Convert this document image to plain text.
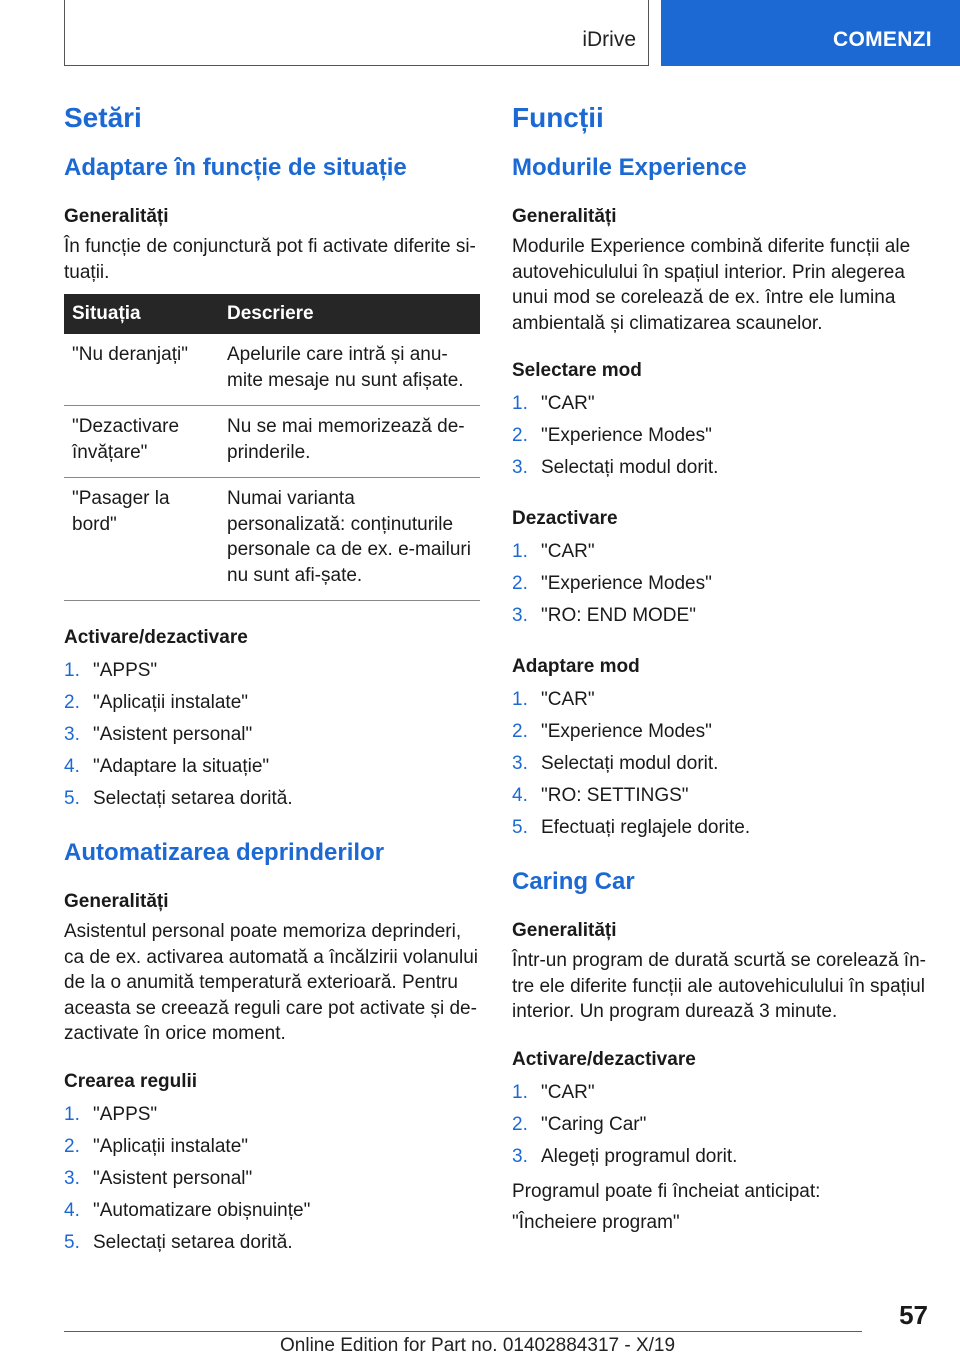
iDrive	COMENZI
Setări
Adaptare în funcție de situație
Generalități
În funcție de conjunctură pot fi activate diferite si-tuații.
Situația	Descriere
"Nu deranjați"	Apelurile care intră și anu-mite mesaje nu sunt afișate.
"Dezactivare învățare"	Nu se mai memorizează de-prinderile.
"Pasager la bord"	Numai varianta personalizată: conținuturile personale ca de ex. e-mailuri nu sunt afi-șate.
Activare/dezactivare
1. "APPS"
2. "Aplicații instalate"
3. "Asistent personal"
4. "Adaptare la situație"
5. Selectați setarea dorită.
Automatizarea deprinderilor
Generalități
Asistentul personal poate memoriza deprinderi, ca de ex. activarea automată a încălzirii volanului de la o anumită temperatură exterioară. Pentru aceasta se creează reguli care pot activate și de-zactivate în orice moment.
Crearea regulii
1. "APPS"
2. "Aplicații instalate"
3. "Asistent personal"
4. "Automatizare obișnuințe"
5. Selectați setarea dorită.
Funcții
Modurile Experience
Generalități
Modurile Experience combină diferite funcții ale autovehiculului în spațiul interior. Prin alegerea unui mod se corelează de ex. între ele lumina ambientală și climatizarea scaunelor.
Selectare mod
1. "CAR"
2. "Experience Modes"
3. Selectați modul dorit.
Dezactivare
1. "CAR"
2. "Experience Modes"
3. "RO: END MODE"
Adaptare mod
1. "CAR"
2. "Experience Modes"
3. Selectați modul dorit.
4. "RO: SETTINGS"
5. Efectuați reglajele dorite.
Caring Car
Generalități
Într-un program de durată scurtă se corelează în-tre ele diferite funcții ale autovehiculului în spațiul interior. Un program durează 3 minute.
Activare/dezactivare
1. "CAR"
2. "Caring Car"
3. Alegeți programul dorit.
Programul poate fi încheiat anticipat:
"Încheiere program"
57
Online Edition for Part no. 01402884317 - X/19
